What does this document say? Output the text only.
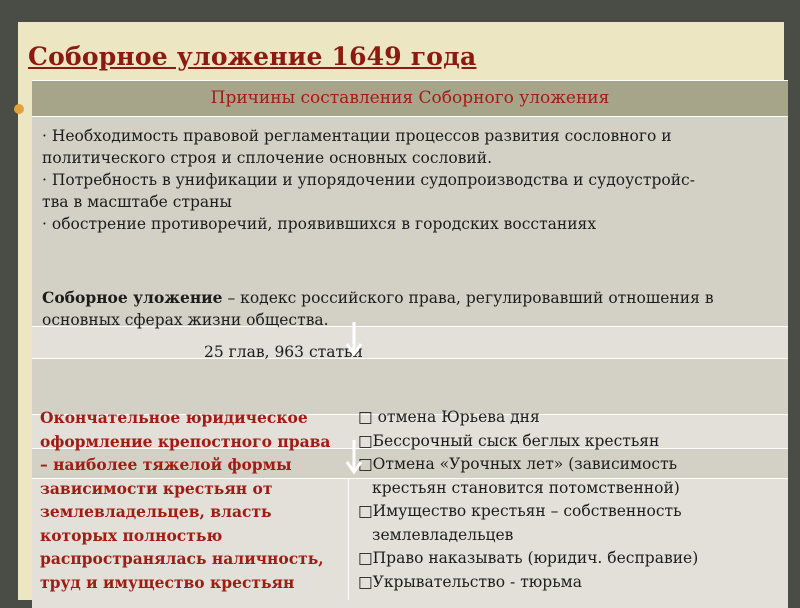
Соборное уложение 1649 года
Причины составления Соборного уложения

· Необходимость правовой регламентации процессов развития сословного и

политического строя и сплочение основных сословий.

· Потребность в унификации и упорядочении судопроизводства и судоустройс-

тва в масштабе страны

· обострение противоречий, проявившихся в городских восстаниях

Соборное уложение – кодекс российского права, регулировавший отношения в основных сферах жизни общества.
25 глав, 963 статьи
Окончательное юридическое оформление крепостного права – наиболее тяжелой формы зависимости крестьян от землевладельцев, власть которых полностью распространялась наличность, труд и имущество крестьян

□ отмена Юрьева дня

□Бессрочный сыск беглых крестьян

□Отмена «Урочных лет» (зависимость

крестьян становится потомственной)

□Имущество крестьян – собственность

землевладельцев

□Право наказывать (юридич. бесправие)

□Укрывательство - тюрьма
